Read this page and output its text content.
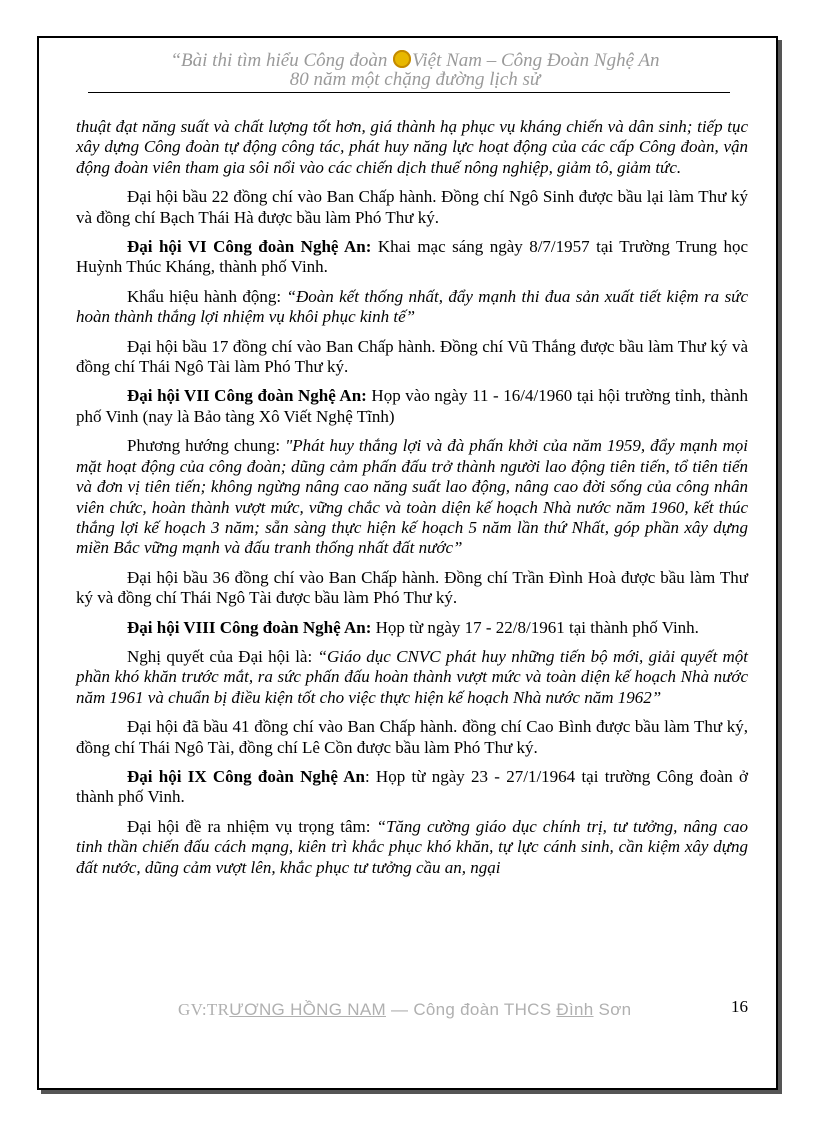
“Bài thi tìm hiểu Công đoàn Việt Nam – Công Đoàn Nghệ An
80 năm một chặng đường lịch sử

thuật đạt năng suất và chất lượng tốt hơn, giá thành hạ phục vụ kháng chiến và dân sinh; tiếp tục xây dựng Công đoàn tự động công tác, phát huy năng lực hoạt động của các cấp Công đoàn, vận động đoàn viên tham gia sôi nổi vào các chiến dịch thuế nông nghiệp, giảm tô, giảm tức.

Đại hội bầu 22 đồng chí vào Ban Chấp hành. Đồng chí Ngô Sinh được bầu lại làm Thư ký và đồng chí Bạch Thái Hà được bầu làm Phó Thư ký.

Đại hội VI Công đoàn Nghệ An: Khai mạc sáng ngày 8/7/1957 tại Trường Trung học Huỳnh Thúc Kháng, thành phố Vinh.

Khẩu hiệu hành động: “Đoàn kết thống nhất, đẩy mạnh thi đua sản xuất tiết kiệm ra sức hoàn thành thắng lợi nhiệm vụ khôi phục kinh tế”

Đại hội bầu 17 đồng chí vào Ban Chấp hành. Đồng chí Vũ Thắng được bầu làm Thư ký và đồng chí Thái Ngô Tài làm Phó Thư ký.

Đại hội VII Công đoàn Nghệ An: Họp vào ngày 11 - 16/4/1960 tại hội trường tỉnh, thành phố Vinh (nay là Bảo tàng Xô Viết Nghệ Tĩnh)

Phương hướng chung: "Phát huy thắng lợi và đà phấn khởi của năm 1959, đẩy mạnh mọi mặt hoạt động của công đoàn; dũng cảm phấn đấu trở thành người lao động tiên tiến, tổ tiên tiến và đơn vị tiên tiến; không ngừng nâng cao năng suất lao động, nâng cao đời sống của công nhân viên chức, hoàn thành vượt mức, vững chắc và toàn diện kế hoạch Nhà nước năm 1960, kết thúc thắng lợi kế hoạch 3 năm; sẵn sàng thực hiện kế hoạch 5 năm lần thứ Nhất, góp phần xây dựng miền Bắc vững mạnh và đấu tranh thống nhất đất nước”

Đại hội bầu 36 đồng chí vào Ban Chấp hành. Đồng chí Trần Đình Hoà được bầu làm Thư ký và đồng chí Thái Ngô Tài được bầu làm Phó Thư ký.

Đại hội VIII Công đoàn Nghệ An: Họp từ ngày 17 - 22/8/1961 tại thành phố Vinh.

Nghị quyết của Đại hội là: “Giáo dục CNVC phát huy những tiến bộ mới, giải quyết một phần khó khăn trước mắt, ra sức phấn đấu hoàn thành vượt mức và toàn diện kế hoạch Nhà nước năm 1961 và chuẩn bị điều kiện tốt cho việc thực hiện kế hoạch Nhà nước năm 1962”

Đại hội đã bầu 41 đồng chí vào Ban Chấp hành. đồng chí Cao Bình được bầu làm Thư ký, đồng chí Thái Ngô Tài, đồng chí Lê Cồn được bầu làm Phó Thư ký.

Đại hội IX Công đoàn Nghệ An: Họp từ ngày 23 - 27/1/1964 tại trường Công đoàn ở thành phố Vinh.

Đại hội đề ra nhiệm vụ trọng tâm: “Tăng cường giáo dục chính trị, tư tưởng, nâng cao tinh thần chiến đấu cách mạng, kiên trì khắc phục khó khăn, tự lực cánh sinh, cần kiệm xây dựng đất nước, dũng cảm vượt lên, khắc phục tư tưởng cầu an, ngại

GV:TRƯƠNG HỒNG NAM — Công đoàn THCS Đình Sơn	16
